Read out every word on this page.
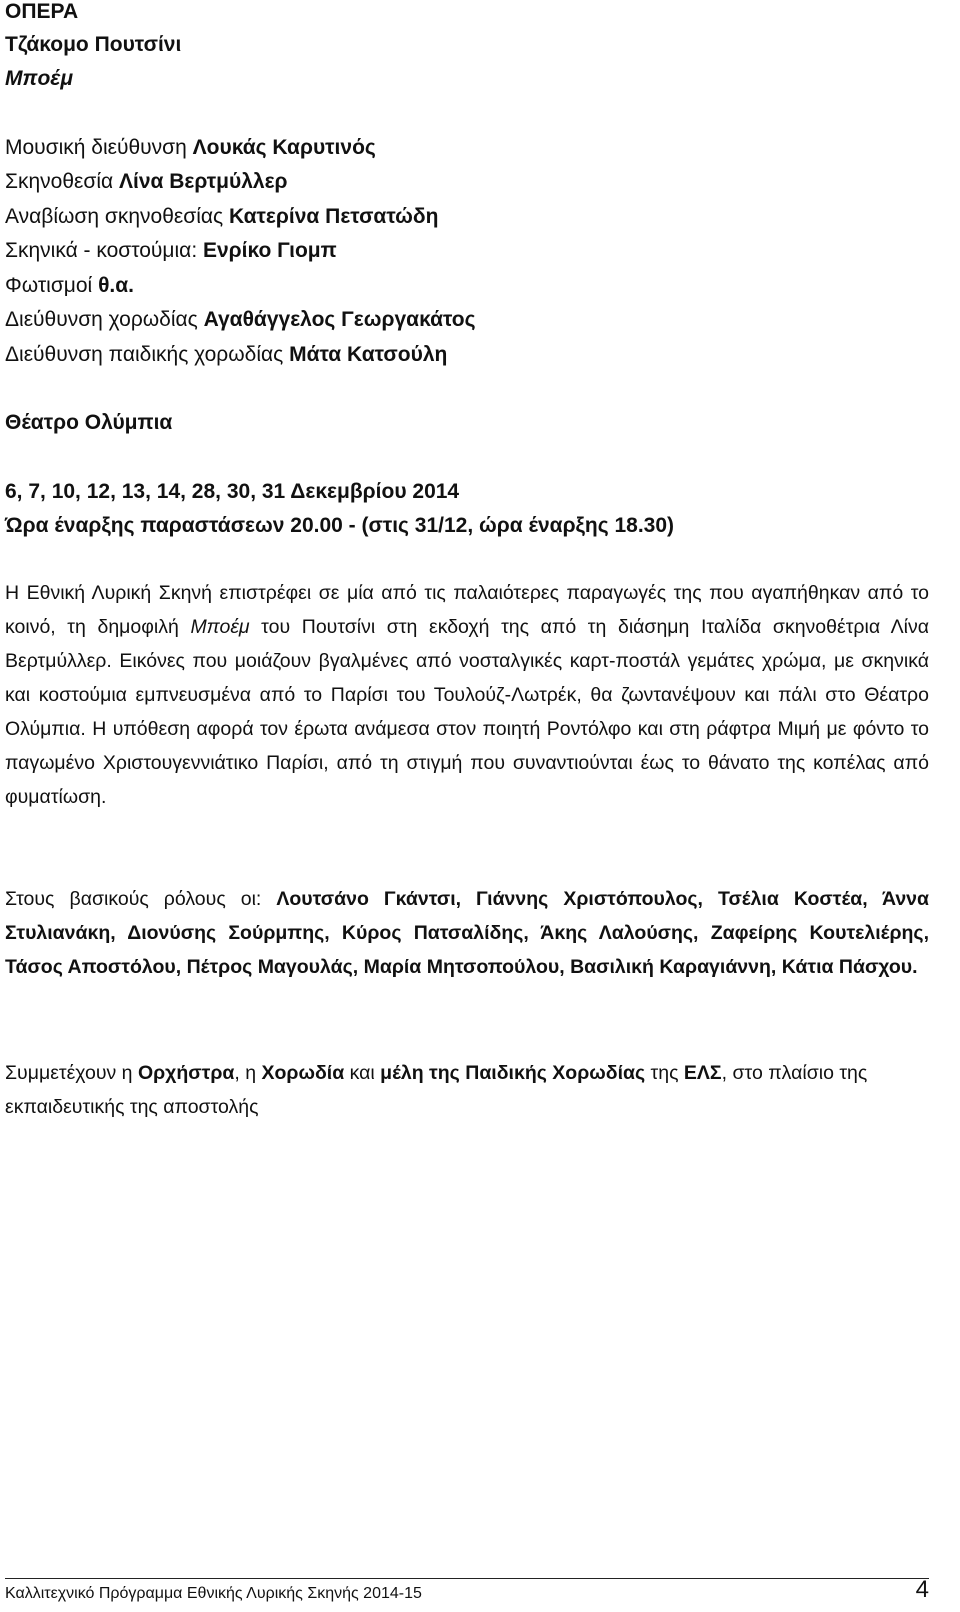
ΟΠΕΡΑ
Τζάκομο Πουτσίνι
Μποέμ
Μουσική διεύθυνση Λουκάς Καρυτινός
Σκηνοθεσία Λίνα Βερτμύλλερ
Αναβίωση σκηνοθεσίας Κατερίνα Πετσατώδη
Σκηνικά - κοστούμια: Ενρίκο Γιομπ
Φωτισμοί θ.α.
Διεύθυνση χορωδίας Αγαθάγγελος Γεωργακάτος
Διεύθυνση παιδικής χορωδίας Μάτα Κατσούλη
Θέατρο Ολύμπια
6, 7, 10, 12, 13, 14, 28, 30, 31 Δεκεμβρίου 2014
Ώρα έναρξης παραστάσεων 20.00 - (στις 31/12, ώρα έναρξης 18.30)

Η Εθνική Λυρική Σκηνή επιστρέφει σε μία από τις παλαιότερες παραγωγές της που αγαπήθηκαν από το κοινό, τη δημοφιλή Μποέμ του Πουτσίνι στη εκδοχή της από τη διάσημη Ιταλίδα σκηνοθέτρια Λίνα Βερτμύλλερ. Εικόνες που μοιάζουν βγαλμένες από νοσταλγικές καρτ-ποστάλ γεμάτες χρώμα, με σκηνικά και κοστούμια εμπνευσμένα από το Παρίσι του Τουλούζ-Λωτρέκ, θα ζωντανέψουν και πάλι στο Θέατρο Ολύμπια. Η υπόθεση αφορά τον έρωτα ανάμεσα στον ποιητή Ροντόλφο και στη ράφτρα Μιμή με φόντο το παγωμένο Χριστουγεννιάτικο Παρίσι, από τη στιγμή που συναντιούνται έως το θάνατο της κοπέλας από φυματίωση.

Στους βασικούς ρόλους οι: Λουτσάνο Γκάντσι, Γιάννης Χριστόπουλος, Τσέλια Κοστέα, Άννα Στυλιανάκη, Διονύσης Σούρμπης, Κύρος Πατσαλίδης, Άκης Λαλούσης, Ζαφείρης Κουτελιέρης, Τάσος Αποστόλου, Πέτρος Μαγουλάς, Μαρία Μητσοπούλου, Βασιλική Καραγιάννη, Κάτια Πάσχου.

Συμμετέχουν η Ορχήστρα, η Χορωδία και μέλη της Παιδικής Χορωδίας της ΕΛΣ, στο πλαίσιο της εκπαιδευτικής της αποστολής

Καλλιτεχνικό Πρόγραμμα Εθνικής Λυρικής Σκηνής 2014-15	4
